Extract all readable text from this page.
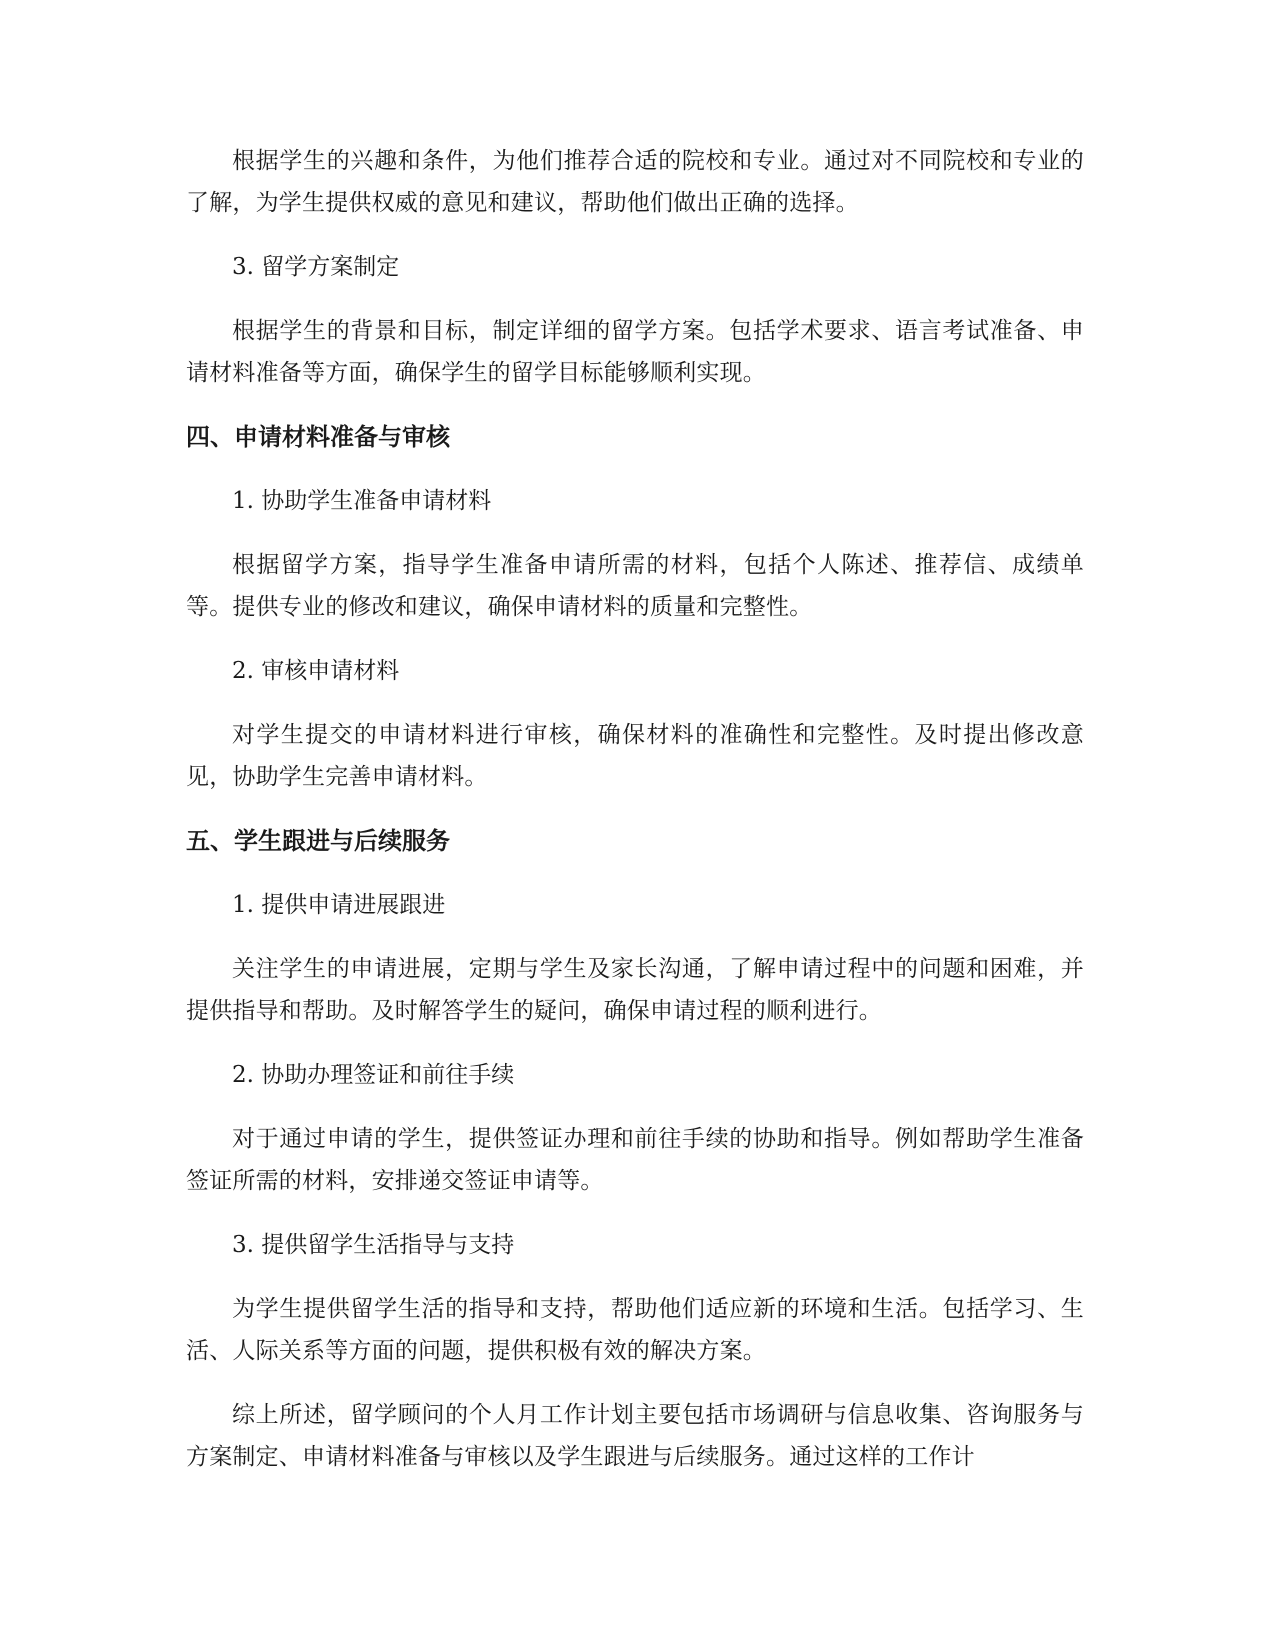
根据学生的兴趣和条件，为他们推荐合适的院校和专业。通过对不同院校和专业的了解，为学生提供权威的意见和建议，帮助他们做出正确的选择。

3. 留学方案制定

根据学生的背景和目标，制定详细的留学方案。包括学术要求、语言考试准备、申请材料准备等方面，确保学生的留学目标能够顺利实现。

四、申请材料准备与审核

1. 协助学生准备申请材料

根据留学方案，指导学生准备申请所需的材料，包括个人陈述、推荐信、成绩单等。提供专业的修改和建议，确保申请材料的质量和完整性。

2. 审核申请材料

对学生提交的申请材料进行审核，确保材料的准确性和完整性。及时提出修改意见，协助学生完善申请材料。

五、学生跟进与后续服务

1. 提供申请进展跟进

关注学生的申请进展，定期与学生及家长沟通，了解申请过程中的问题和困难，并提供指导和帮助。及时解答学生的疑问，确保申请过程的顺利进行。

2. 协助办理签证和前往手续

对于通过申请的学生，提供签证办理和前往手续的协助和指导。例如帮助学生准备签证所需的材料，安排递交签证申请等。

3. 提供留学生活指导与支持

为学生提供留学生活的指导和支持，帮助他们适应新的环境和生活。包括学习、生活、人际关系等方面的问题，提供积极有效的解决方案。

综上所述，留学顾问的个人月工作计划主要包括市场调研与信息收集、咨询服务与方案制定、申请材料准备与审核以及学生跟进与后续服务。通过这样的工作计
